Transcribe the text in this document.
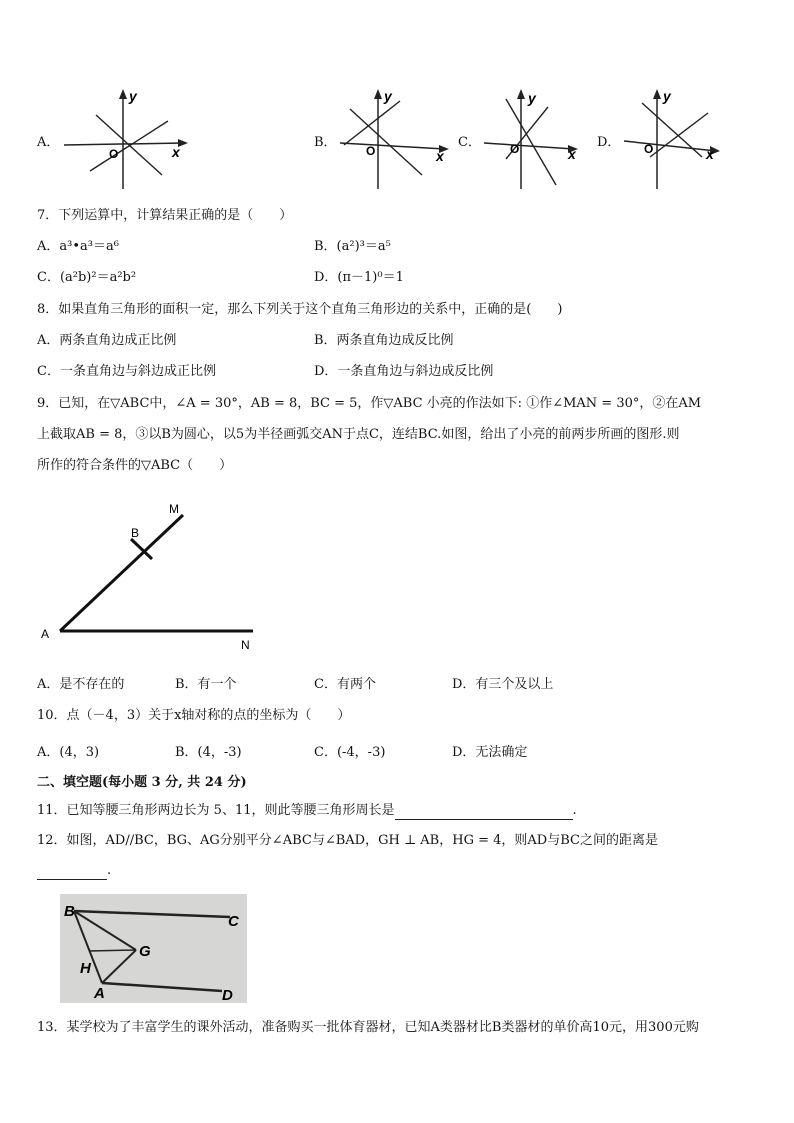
A．
y
x
O
B．
y
x
O
C．
y
x
O	D．
y
x
O
7．下列运算中，计算结果正确的是（　　）
A．a³•a³＝a⁶	B．(a²)³＝a⁵
C．(a²b)²＝a²b²	D．(π－1)⁰＝1
8．如果直角三角形的面积一定，那么下列关于这个直角三角形边的关系中，正确的是(　　)
A．两条直角边成正比例	B．两条直角边成反比例
C．一条直角边与斜边成正比例	D．一条直角边与斜边成反比例
9．已知，在▽ABC中，∠A = 30°，AB = 8，BC = 5，作▽ABC 小亮的作法如下: ①作∠MAN = 30°，②在AM
上截取AB = 8，③以B为圆心，以5为半径画弧交AN于点C，连结BC.如图，给出了小亮的前两步所画的图形.则
所作的符合条件的▽ABC（　　）
A
B
M
N
A．是不存在的	B．有一个	C．有两个	D．有三个及以上
10．点（－4，3）关于x轴对称的点的坐标为（　　）
A．(4，3)	B．(4，-3)	C．(-4，-3)	D．无法确定
二、填空题(每小题 3 分, 共 24 分)
11．已知等腰三角形两边长为 5、11，则此等腰三角形周长是	.
12．如图，AD//BC，BG、AG分别平分∠ABC与∠BAD，GH ⊥ AB，HG = 4，则AD与BC之间的距离是
.
B
C
G
H
A	D
13．某学校为了丰富学生的课外活动，准备购买一批体育器材，已知A类器材比B类器材的单价高10元，用300元购
